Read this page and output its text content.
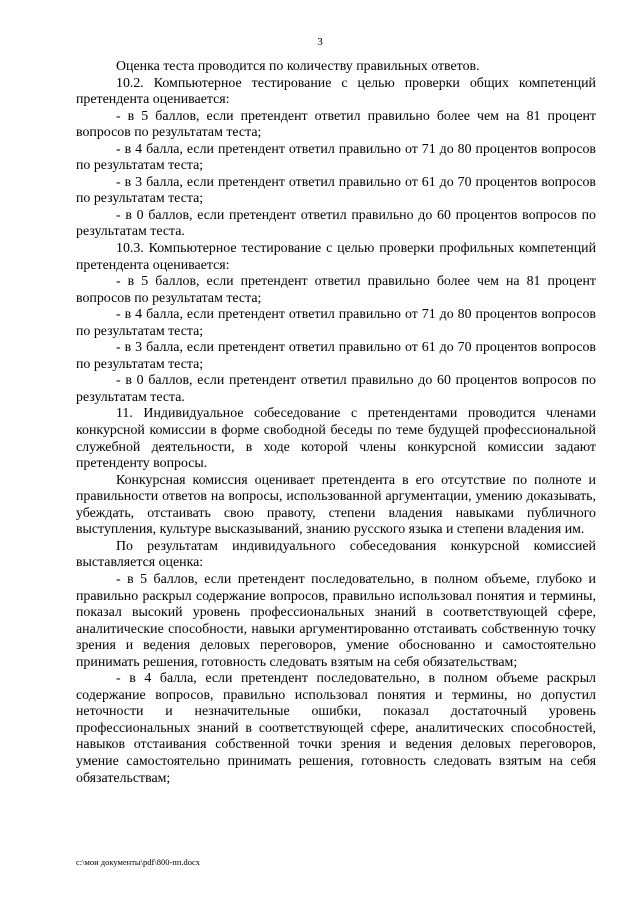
3

Оценка теста проводится по количеству правильных ответов.

10.2. Компьютерное тестирование с целью проверки общих компетенций претендента оценивается:

- в 5 баллов, если претендент ответил правильно более чем на 81 процент вопросов по результатам теста;

- в 4 балла, если претендент ответил правильно от 71 до 80 процентов вопросов по результатам теста;

- в 3 балла, если претендент ответил правильно от 61 до 70 процентов вопросов по результатам теста;

- в 0 баллов, если претендент ответил правильно до 60 процентов вопросов по результатам теста.

10.3. Компьютерное тестирование с целью проверки профильных компетенций претендента оценивается:

- в 5 баллов, если претендент ответил правильно более чем на 81 процент вопросов по результатам теста;

- в 4 балла, если претендент ответил правильно от 71 до 80 процентов вопросов по результатам теста;

- в 3 балла, если претендент ответил правильно от 61 до 70 процентов вопросов по результатам теста;

- в 0 баллов, если претендент ответил правильно до 60 процентов вопросов по результатам теста.

11. Индивидуальное собеседование с претендентами проводится членами конкурсной комиссии в форме свободной беседы по теме будущей профессиональной служебной деятельности, в ходе которой члены конкурсной комиссии задают претенденту вопросы.

Конкурсная комиссия оценивает претендента в его отсутствие по полноте и правильности ответов на вопросы, использованной аргументации, умению доказывать, убеждать, отстаивать свою правоту, степени владения навыками публичного выступления, культуре высказываний, знанию русского языка и степени владения им.

По результатам индивидуального собеседования конкурсной комиссией выставляется оценка:

- в 5 баллов, если претендент последовательно, в полном объеме, глубоко и правильно раскрыл содержание вопросов, правильно использовал понятия и термины, показал высокий уровень профессиональных знаний в соответствующей сфере, аналитические способности, навыки аргументированно отстаивать собственную точку зрения и ведения деловых переговоров, умение обоснованно и самостоятельно принимать решения, готовность следовать взятым на себя обязательствам;

- в 4 балла, если претендент последовательно, в полном объеме раскрыл содержание вопросов, правильно использовал понятия и термины, но допустил неточности и незначительные ошибки, показал достаточный уровень профессиональных знаний в соответствующей сфере, аналитических способностей, навыков отстаивания собственной точки зрения и ведения деловых переговоров, умение самостоятельно принимать решения, готовность следовать взятым на себя обязательствам;

c:\мои документы\pdf\800-пп.docx
